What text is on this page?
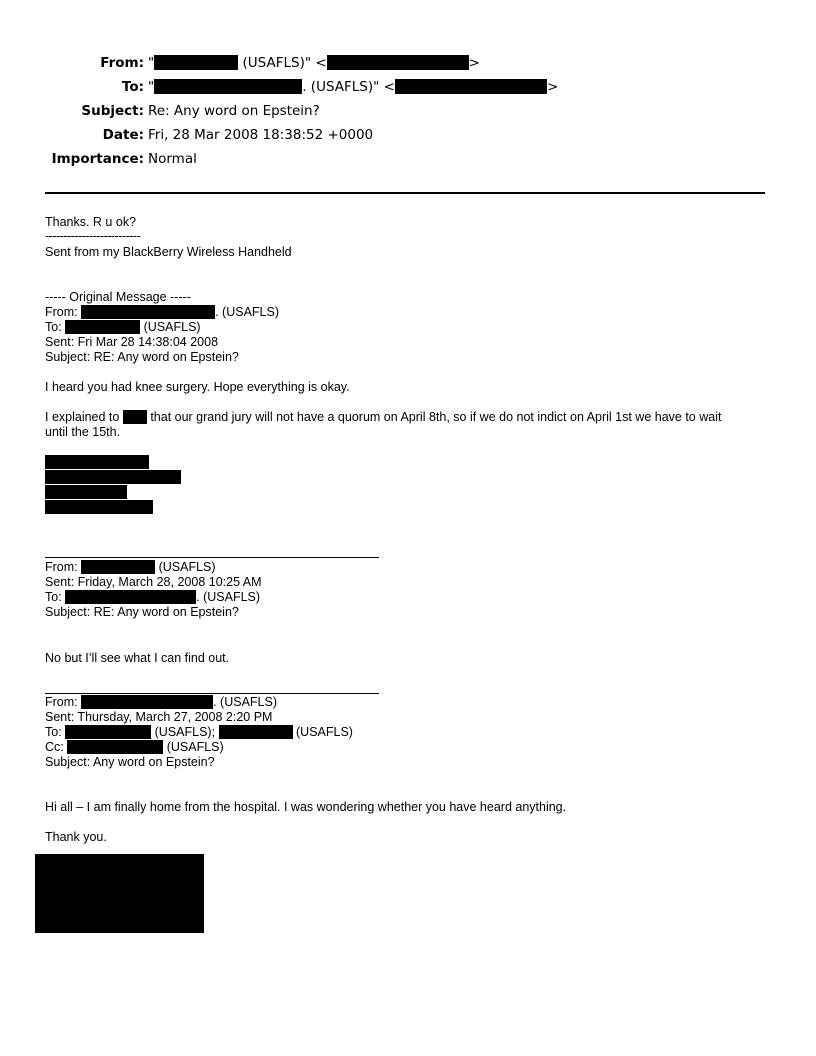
From: "	(USAFLS)" <	>
To: "	. (USAFLS)" <	>
Subject: Re: Any word on Epstein?
Date: Fri, 28 Mar 2008 18:38:52 +0000
Importance: Normal
Thanks. R u ok?
--------------------------
Sent from my BlackBerry Wireless Handheld
----- Original Message -----
From:	. (USAFLS)
To:	(USAFLS)
Sent: Fri Mar 28 14:38:04 2008
Subject: RE: Any word on Epstein?
I heard you had knee surgery. Hope everything is okay.
I explained to  that our grand jury will not have a quorum on April 8th, so if we do not indict on April 1st we have to wait
until the 15th.
From:	(USAFLS)
Sent: Friday, March 28, 2008 10:25 AM
To:	. (USAFLS)
Subject: RE: Any word on Epstein?
No but I’ll see what I can find out.
From:	. (USAFLS)
Sent: Thursday, March 27, 2008 2:20 PM
To:	(USAFLS);	(USAFLS)
Cc:	(USAFLS)
Subject: Any word on Epstein?
Hi all – I am finally home from the hospital. I was wondering whether you have heard anything.
Thank you.
